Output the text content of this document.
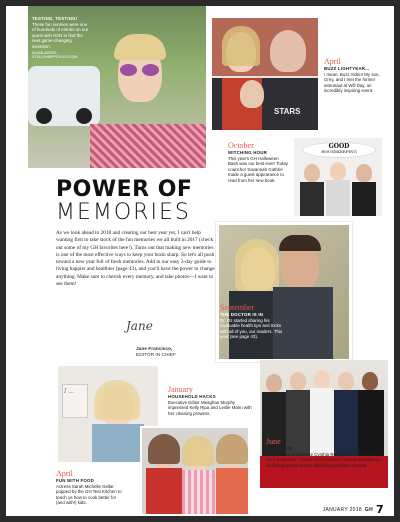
TESTING, TESTING!
These fun sunnies were one of hundreds of entries on our quest with HSN to find the next game-changing invention.
SUNGLASSES, STELLYHAPPYDOGS.COM
STARS
April
BUZZ LIGHTYEAR...
I mean, Buzz Aldrin! My son, Grey, and I met the former astronaut at Will Day, an incredibly inspiring event.
October
WITCHING HOUR
This year's GH Halloween Bash was our best ever! Today coanchor Savannah Guthrie made a guest appearance to read from her new book.
GOOD
HOUSEKEEPING
POWER OF
MEMORIES

As we look ahead to 2018 and creating our best year yet, I can't help wanting first to take stock of the fun memories we all built in 2017 (check out some of my GH favorites here!). Turns out that making new memories is one of the most effective ways to keep your brain sharp. So let's all push toward a new year full of fresh memories. Add in our easy 3-day guide to living happier and healthier (page 43), and you'll have the power to change anything. Make sure to cherish every memory, and take photos—I want to see them!

Jane
Jane Francisco,
EDITOR IN CHIEF
September
THE DOCTOR IS IN
Dr. Oz started sharing his invaluable health tips and tricks with all of you, our readers. This year (see page 43).
I ...
April
FUN WITH FOOD
Actress Sarah Michelle Gellar popped by the GH Test Kitchen to teach us how to cook better for (and with!) kids.
January
HOUSEHOLD HACKS
Executive Editor Meaghan Murphy impressed Kelly Ripa and Leslie Mann with her cleaning prowess.
June
50 OVER 50
We honored women like Cynthia Rowley, Soledad O'Brien, Kyra Sedgwick, L'Oreal Paris's Rachel Lackett and Whoopi Goldberg who've proven that being 50-plus is prime.
JANUARY 2018 GH 7
